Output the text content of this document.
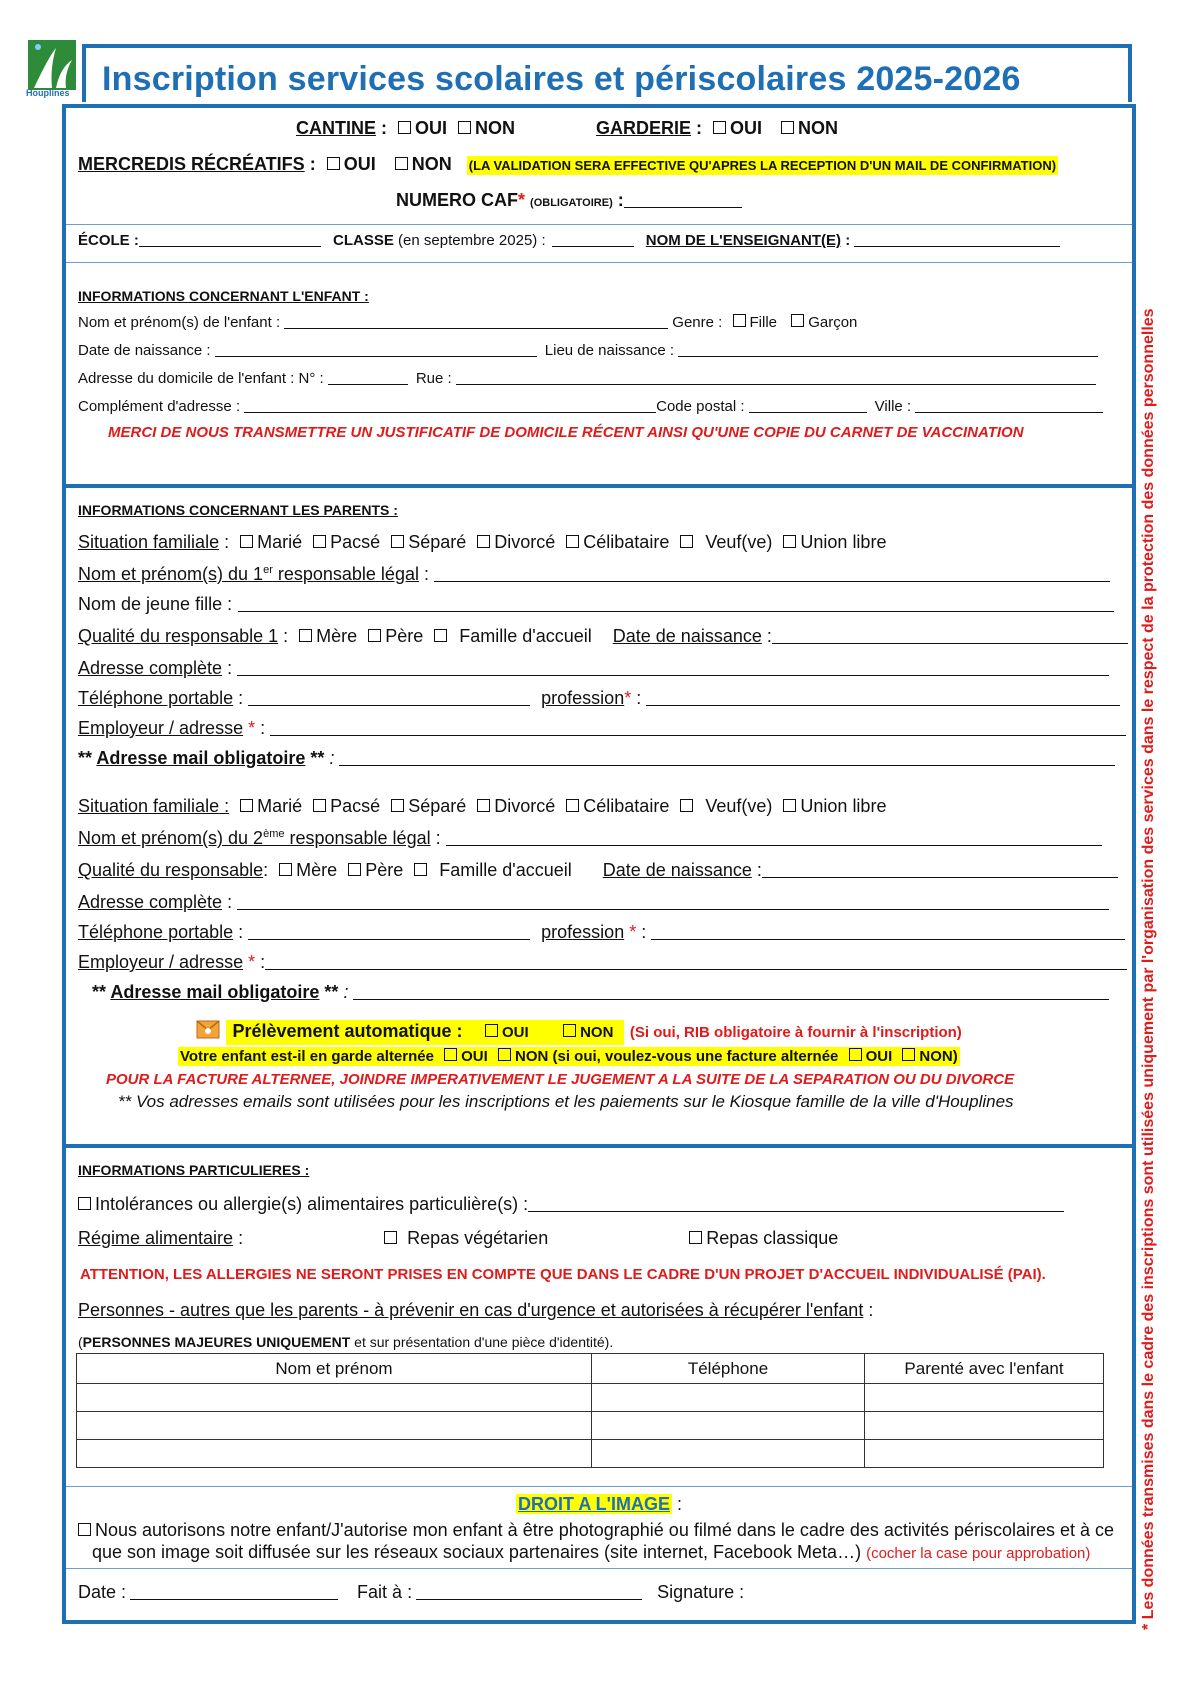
Houplines Inscription services scolaires et périscolaires 2025-2026
* Les données transmises dans le cadre des inscriptions sont utilisées uniquement par l'organisation des services dans le respect de la protection des données personnelles
CANTINE : OUI NON	GARDERIE : OUI NON
MERCREDIS RÉCRÉATIFS : OUI NON (LA VALIDATION SERA EFFECTIVE QU'APRES LA RECEPTION D'UN MAIL DE CONFIRMATION)
NUMERO CAF* (OBLIGATOIRE) :
ÉCOLE :	CLASSE (en septembre 2025) :	NOM DE L'ENSEIGNANT(E) :
INFORMATIONS CONCERNANT L'ENFANT :
Nom et prénom(s) de l'enfant :	Genre : Fille Garçon
Date de naissance :	Lieu de naissance :
Adresse du domicile de l'enfant : N° :	Rue :
Complément d'adresse :	Code postal :	Ville :
MERCI DE NOUS TRANSMETTRE UN JUSTIFICATIF DE DOMICILE RÉCENT AINSI QU'UNE COPIE DU CARNET DE VACCINATION
INFORMATIONS CONCERNANT LES PARENTS :
Situation familiale : Marié Pacsé Séparé Divorcé Célibataire Veuf(ve) Union libre
Nom et prénom(s) du 1er responsable légal :
Nom de jeune fille :
Qualité du responsable 1 : Mère Père Famille d'accueil Date de naissance :
Adresse complète :
Téléphone portable :	profession* :
Employeur / adresse * :
** Adresse mail obligatoire ** :
Situation familiale : Marié Pacsé Séparé Divorcé Célibataire Veuf(ve) Union libre
Nom et prénom(s) du 2ème responsable légal :
Qualité du responsable: Mère Père Famille d'accueil Date de naissance :
Adresse complète :
Téléphone portable :	profession * :
Employeur / adresse * :
** Adresse mail obligatoire ** :
Prélèvement automatique :	OUI	NON (Si oui, RIB obligatoire à fournir à l'inscription)
Votre enfant est-il en garde alternée OUI NON (si oui, voulez-vous une facture alternée OUI NON)
POUR LA FACTURE ALTERNEE, JOINDRE IMPERATIVEMENT LE JUGEMENT A LA SUITE DE LA SEPARATION OU DU DIVORCE
** Vos adresses emails sont utilisées pour les inscriptions et les paiements sur le Kiosque famille de la ville d'Houplines
INFORMATIONS PARTICULIERES :
Intolérances ou allergie(s) alimentaires particulière(s) :
Régime alimentaire :	Repas végétarien	Repas classique
ATTENTION, LES ALLERGIES NE SERONT PRISES EN COMPTE QUE DANS LE CADRE D'UN PROJET D'ACCUEIL INDIVIDUALISÉ (PAI).
Personnes - autres que les parents - à prévenir en cas d'urgence et autorisées à récupérer l'enfant :
(PERSONNES MAJEURES UNIQUEMENT et sur présentation d'une pièce d'identité).
Nom et prénom	Téléphone	Parenté avec l'enfant

DROIT A L'IMAGE :
Nous autorisons notre enfant/J'autorise mon enfant à être photographié ou filmé dans le cadre des activités périscolaires et à ce
que son image soit diffusée sur les réseaux sociaux partenaires (site internet, Facebook Meta…) (cocher la case pour approbation)
Date :	Fait à :	Signature :
